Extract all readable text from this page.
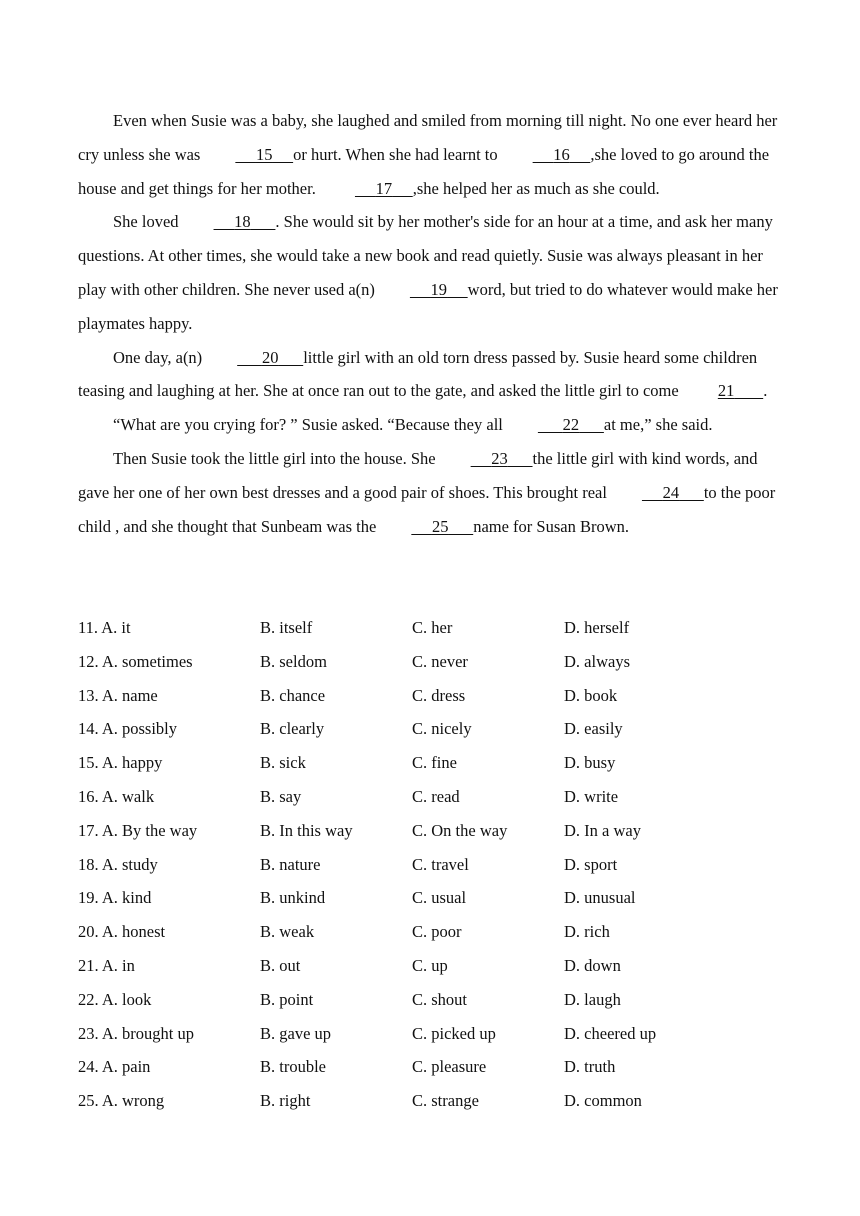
Even when Susie was a baby, she laughed and smiled from morning till night. No one ever heard her cry unless she was	15 or hurt. When she had learnt to	16 ,she loved to go around the house and get things for her mother.	17 ,she helped her as much as she could.

She loved	18 . She would sit by her mother's side for an hour at a time, and ask her many questions. At other times, she would take a new book and read quietly. Susie was always pleasant in her play with other children. She never used a(n)	19 word, but tried to do whatever would make her playmates happy.

One day, a(n)	20 little girl with an old torn dress passed by. Susie heard some children teasing and laughing at her. She at once ran out to the gate, and asked the little girl to come 21 .

“What are you crying for? ” Susie asked. “Because they all	22 at me,” she said.

Then Susie took the little girl into the house. She	23 the little girl with kind words, and gave her one of her own best dresses and a good pair of shoes. This brought real	24 to the poor child , and she thought that Sunbeam was the	25 name for Susan Brown.

11. A. it	B. itself	C. her	D. herself
12. A. sometimes	B. seldom	C. never	D. always
13. A. name	B. chance	C. dress	D. book
14. A. possibly	B. clearly	C. nicely	D. easily
15. A. happy	B. sick	C. fine	D. busy
16. A. walk	B. say	C. read	D. write
17. A. By the way	B. In this way	C. On the way	D. In a way
18. A. study	B. nature	C. travel	D. sport
19. A. kind	B. unkind	C. usual	D. unusual
20. A. honest	B. weak	C. poor	D. rich
21. A. in	B. out	C. up	D. down
22. A. look	B. point	C. shout	D. laugh
23. A. brought up	B. gave up	C. picked up	D. cheered up
24. A. pain	B. trouble	C. pleasure	D. truth
25. A. wrong	B. right	C. strange	D. common
